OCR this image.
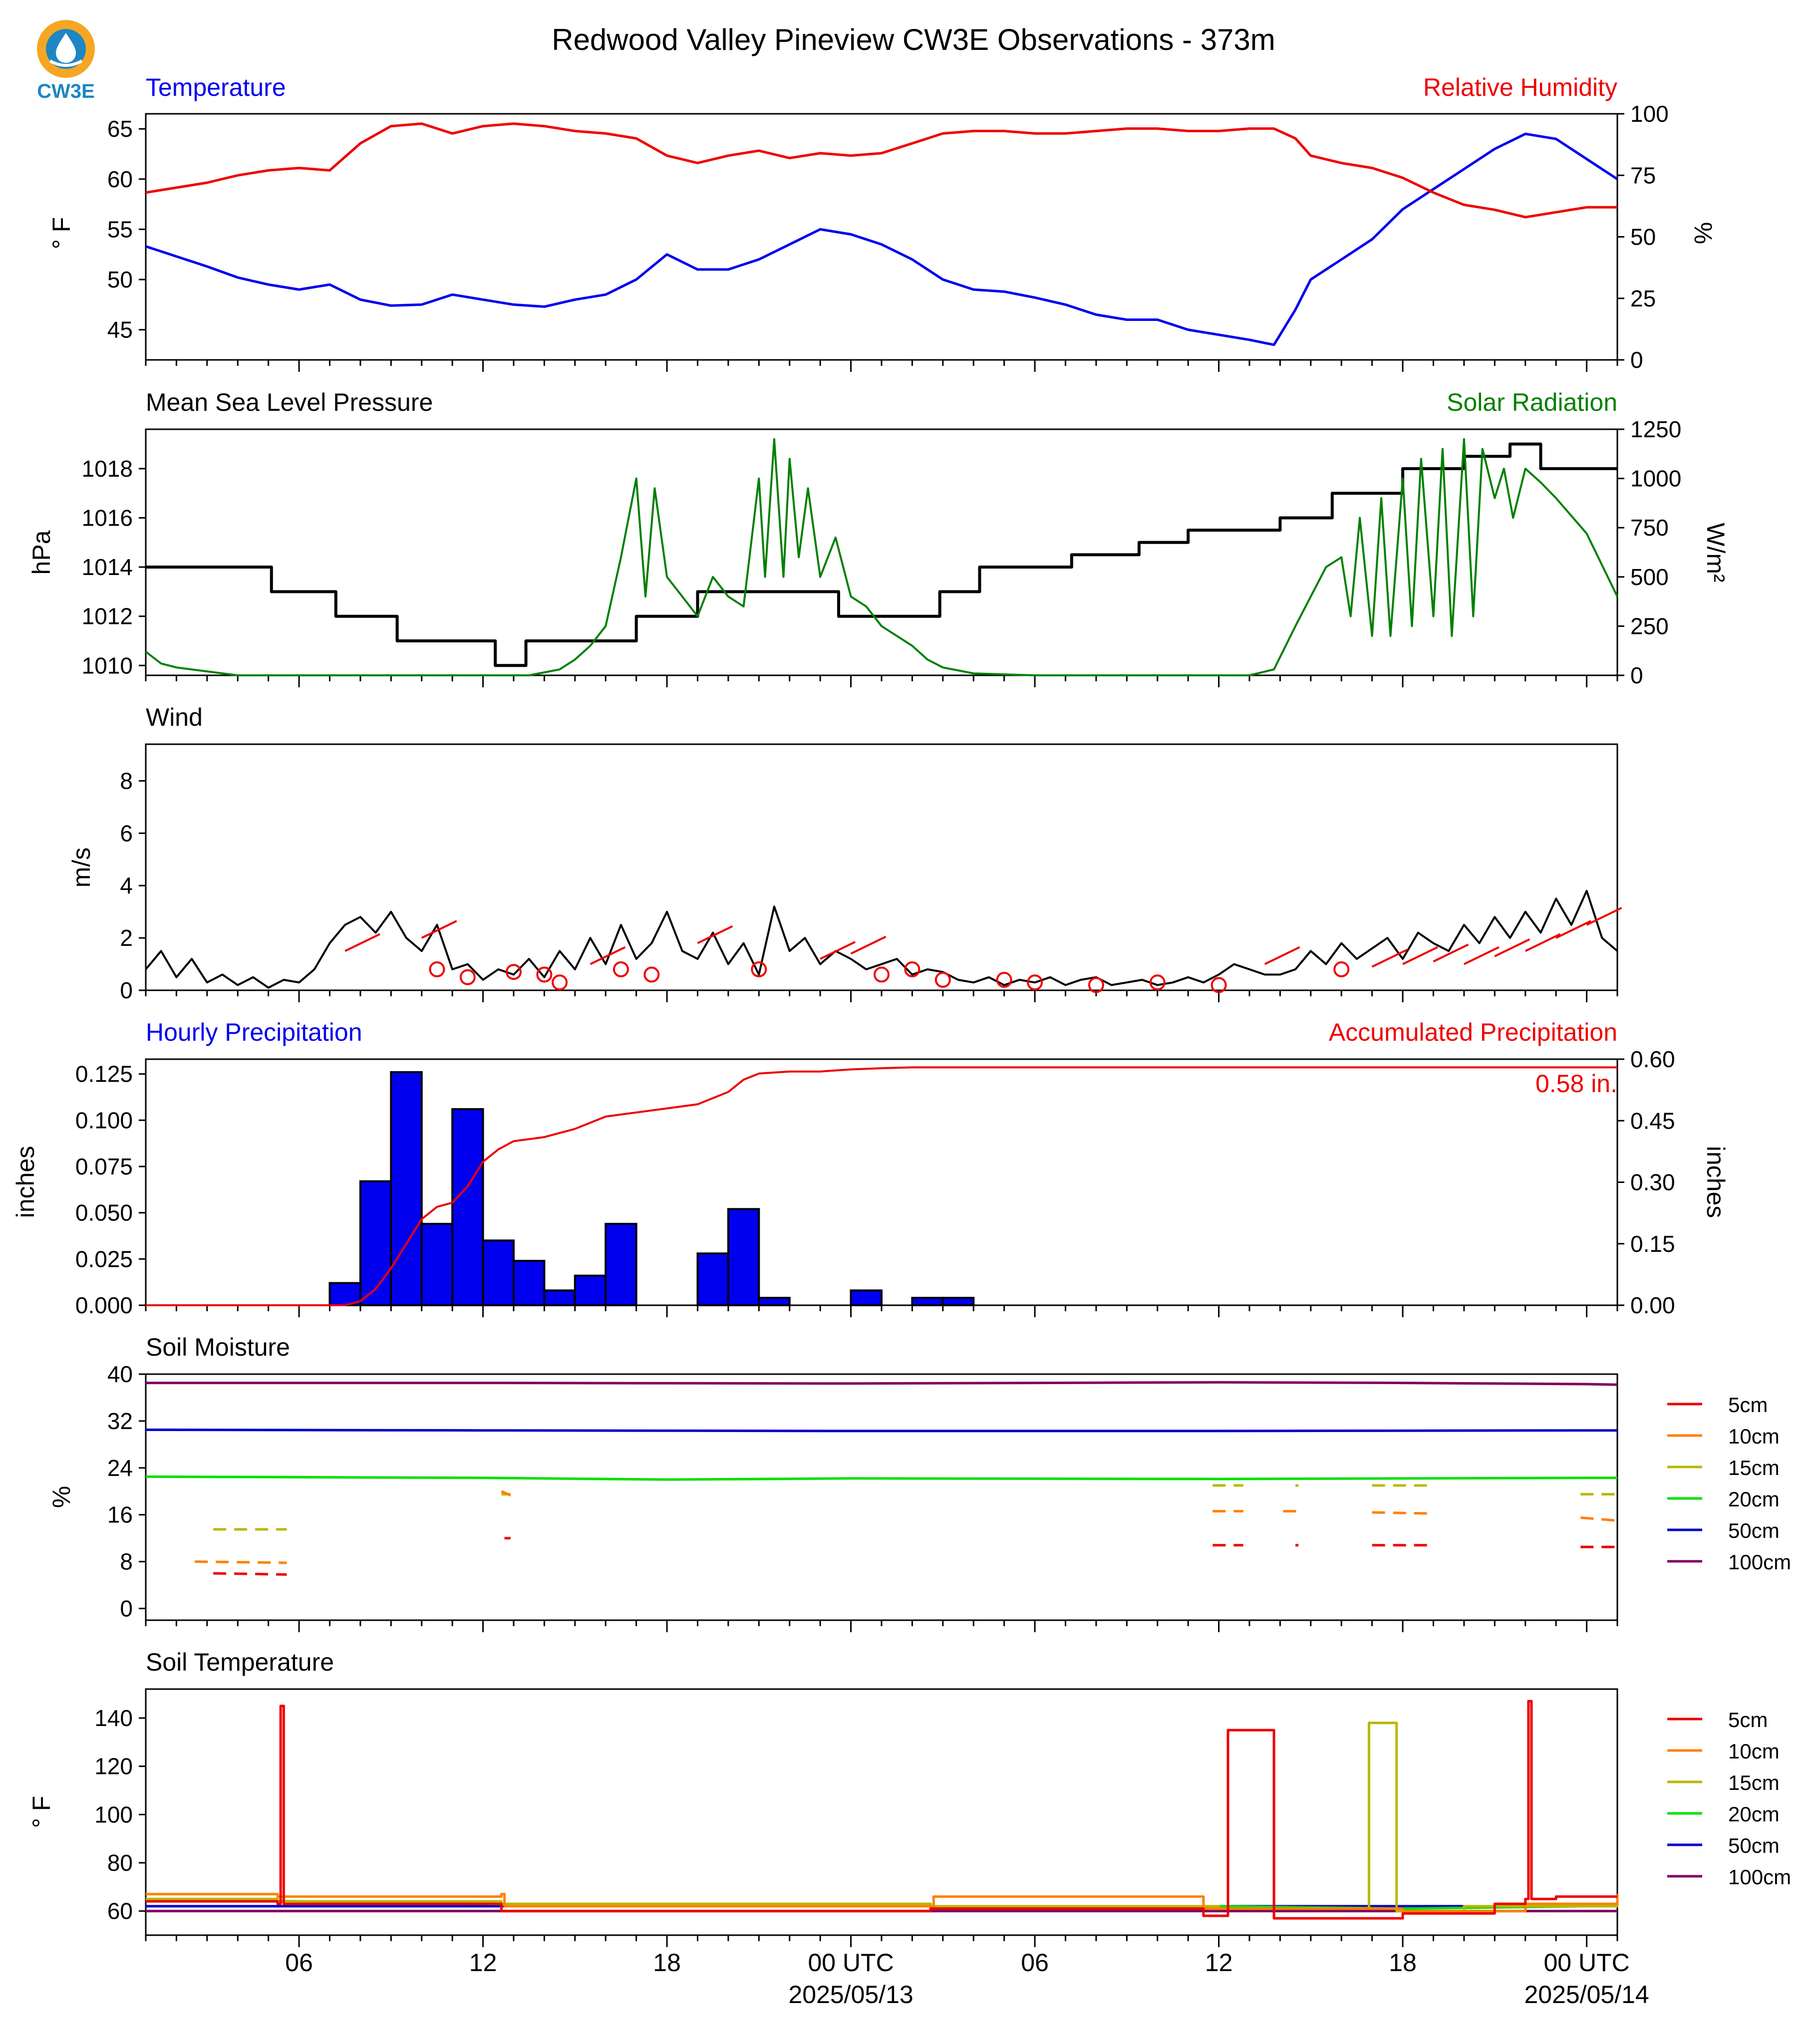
CW3E
Redwood Valley Pineview CW3E Observations - 373m
Temperature	Relative Humidity
° F	%
Mean Sea Level Pressure	Solar Radiation
hPa	W/m²
Wind
m/s
Hourly Precipitation	Accumulated Precipitation
inches	inches
0.58 in.
Soil Moisture
%
Soil Temperature
° F
45
50
55
60
65
0
25
50
75
100
1010
1012
1014
1016
1018
0
250
500
750
1000
1250
0
2
4
6
8
0.000
0.025
0.050
0.075
0.100
0.125
0.00
0.15
0.30
0.45
0.60
0
8
16
24
32
40
5cm
10cm
15cm
20cm
50cm
100cm
60
80
100
120
140	5cm
10cm
15cm
20cm
50cm
100cm
06	12	18	00 UTC	06	12	18	00 UTC
2025/05/13	2025/05/14
